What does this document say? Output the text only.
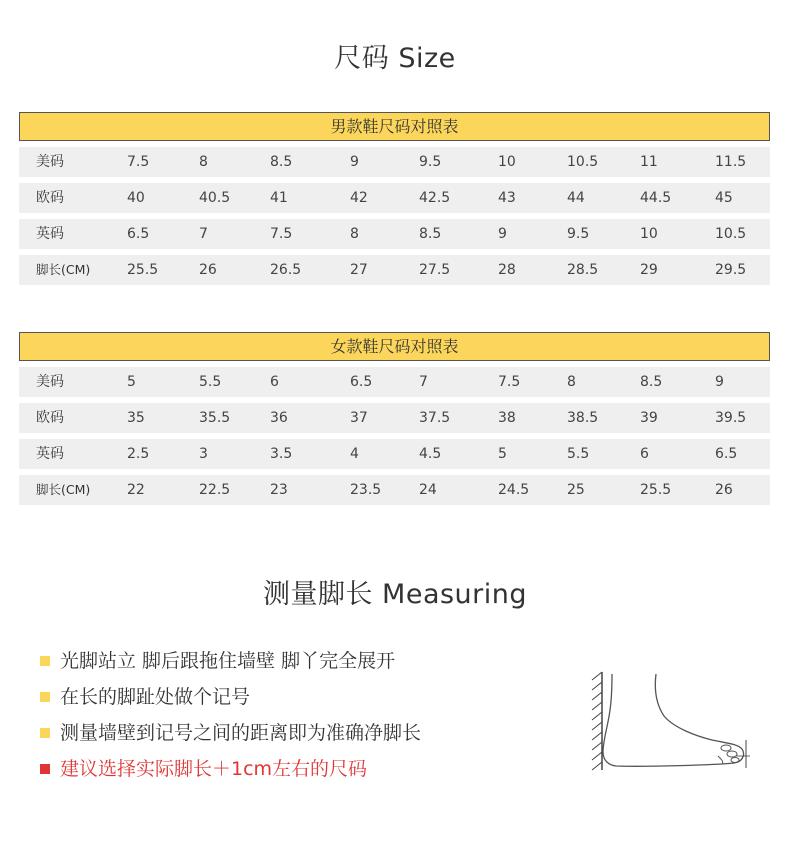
尺码 Size
男款鞋尺码对照表
美码	7.5	8	8.5	9	9.5	10	10.5	11	11.5
欧码	40	40.5	41	42	42.5	43	44	44.5	45
英码	6.5	7	7.5	8	8.5	9	9.5	10	10.5
脚长(CM)	25.5	26	26.5	27	27.5	28	28.5	29	29.5
女款鞋尺码对照表
美码	5	5.5	6	6.5	7	7.5	8	8.5	9
欧码	35	35.5	36	37	37.5	38	38.5	39	39.5
英码	2.5	3	3.5	4	4.5	5	5.5	6	6.5
脚长(CM)	22	22.5	23	23.5	24	24.5	25	25.5	26
测量脚长 Measuring
光脚站立 脚后跟拖住墙壁 脚丫完全展开
在长的脚趾处做个记号
测量墙壁到记号之间的距离即为准确净脚长
建议选择实际脚长＋1cm左右的尺码
